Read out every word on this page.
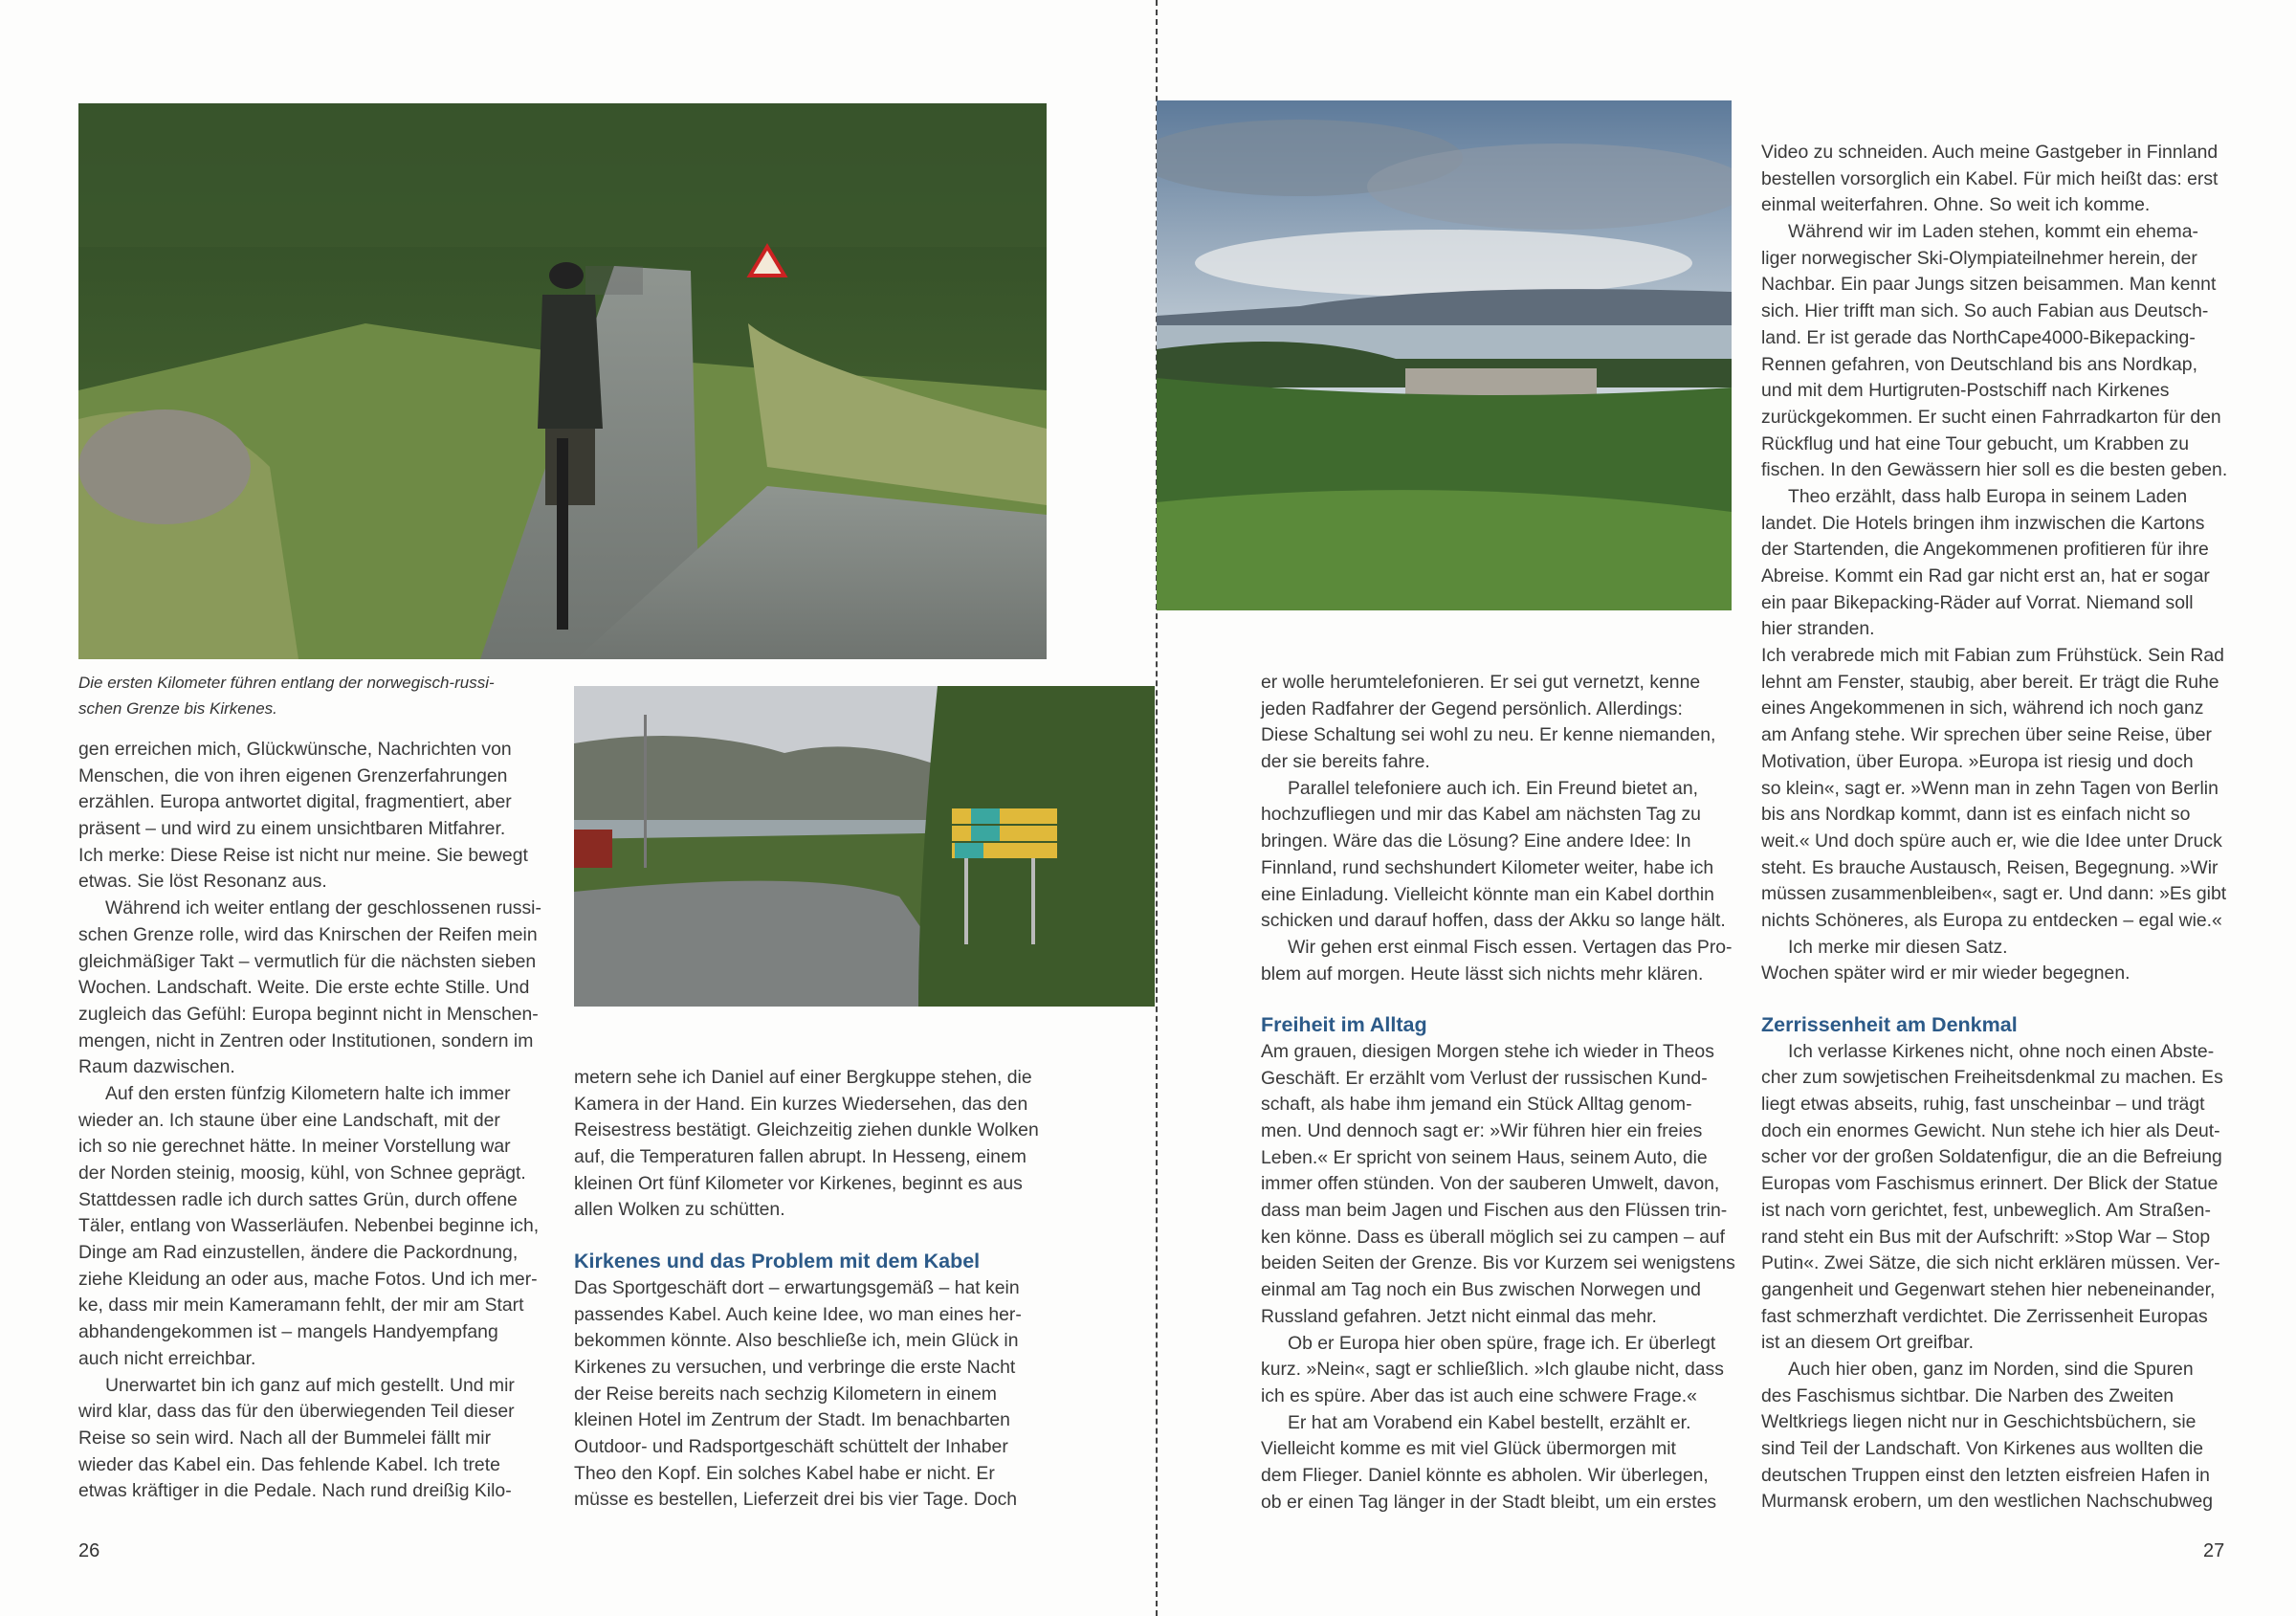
Die ersten Kilometer führen entlang der norwegisch-russi-
schen Grenze bis Kirkenes.
gen erreichen mich, Glückwünsche, Nachrichten von
Menschen, die von ihren eigenen Grenzerfahrungen
erzählen. Europa antwortet digital, fragmentiert, aber
präsent – und wird zu einem unsichtbaren Mitfahrer.
Ich merke: Diese Reise ist nicht nur meine. Sie bewegt
etwas. Sie löst Resonanz aus.
Während ich weiter entlang der geschlossenen russi-
schen Grenze rolle, wird das Knirschen der Reifen mein
gleichmäßiger Takt – vermutlich für die nächsten sieben
Wochen. Landschaft. Weite. Die erste echte Stille. Und
zugleich das Gefühl: Europa beginnt nicht in Menschen-
mengen, nicht in Zentren oder Institutionen, sondern im
Raum dazwischen.
Auf den ersten fünfzig Kilometern halte ich immer
wieder an. Ich staune über eine Landschaft, mit der
ich so nie gerechnet hätte. In meiner Vorstellung war
der Norden steinig, moosig, kühl, von Schnee geprägt.
Stattdessen radle ich durch sattes Grün, durch offene
Täler, entlang von Wasserläufen. Nebenbei beginne ich,
Dinge am Rad einzustellen, ändere die Packordnung,
ziehe Kleidung an oder aus, mache Fotos. Und ich mer-
ke, dass mir mein Kameramann fehlt, der mir am Start
abhandengekommen ist – mangels Handyempfang
auch nicht erreichbar.
Unerwartet bin ich ganz auf mich gestellt. Und mir
wird klar, dass das für den überwiegenden Teil dieser
Reise so sein wird. Nach all der Bummelei fällt mir
wieder das Kabel ein. Das fehlende Kabel. Ich trete
etwas kräftiger in die Pedale. Nach rund dreißig Kilo-
metern sehe ich Daniel auf einer Bergkuppe stehen, die
Kamera in der Hand. Ein kurzes Wiedersehen, das den
Reisestress bestätigt. Gleichzeitig ziehen dunkle Wolken
auf, die Temperaturen fallen abrupt. In Hesseng, einem
kleinen Ort fünf Kilometer vor Kirkenes, beginnt es aus
allen Wolken zu schütten.
Kirkenes und das Problem mit dem Kabel
Das Sportgeschäft dort – erwartungsgemäß – hat kein
passendes Kabel. Auch keine Idee, wo man eines her-
bekommen könnte. Also beschließe ich, mein Glück in
Kirkenes zu versuchen, und verbringe die erste Nacht
der Reise bereits nach sechzig Kilometern in einem
kleinen Hotel im Zentrum der Stadt. Im benachbarten
Outdoor- und Radsportgeschäft schüttelt der Inhaber
Theo den Kopf. Ein solches Kabel habe er nicht. Er
müsse es bestellen, Lieferzeit drei bis vier Tage. Doch
er wolle herumtelefonieren. Er sei gut vernetzt, kenne
jeden Radfahrer der Gegend persönlich. Allerdings:
Diese Schaltung sei wohl zu neu. Er kenne niemanden,
der sie bereits fahre.
Parallel telefoniere auch ich. Ein Freund bietet an,
hochzufliegen und mir das Kabel am nächsten Tag zu
bringen. Wäre das die Lösung? Eine andere Idee: In
Finnland, rund sechshundert Kilometer weiter, habe ich
eine Einladung. Vielleicht könnte man ein Kabel dorthin
schicken und darauf hoffen, dass der Akku so lange hält.
Wir gehen erst einmal Fisch essen. Vertagen das Pro-
blem auf morgen. Heute lässt sich nichts mehr klären.
Freiheit im Alltag
Am grauen, diesigen Morgen stehe ich wieder in Theos
Geschäft. Er erzählt vom Verlust der russischen Kund-
schaft, als habe ihm jemand ein Stück Alltag genom-
men. Und dennoch sagt er: »Wir führen hier ein freies
Leben.« Er spricht von seinem Haus, seinem Auto, die
immer offen stünden. Von der sauberen Umwelt, davon,
dass man beim Jagen und Fischen aus den Flüssen trin-
ken könne. Dass es überall möglich sei zu campen – auf
beiden Seiten der Grenze. Bis vor Kurzem sei wenigstens
einmal am Tag noch ein Bus zwischen Norwegen und
Russland gefahren. Jetzt nicht einmal das mehr.
Ob er Europa hier oben spüre, frage ich. Er überlegt
kurz. »Nein«, sagt er schließlich. »Ich glaube nicht, dass
ich es spüre. Aber das ist auch eine schwere Frage.«
Er hat am Vorabend ein Kabel bestellt, erzählt er.
Vielleicht komme es mit viel Glück übermorgen mit
dem Flieger. Daniel könnte es abholen. Wir überlegen,
ob er einen Tag länger in der Stadt bleibt, um ein erstes
Video zu schneiden. Auch meine Gastgeber in Finnland
bestellen vorsorglich ein Kabel. Für mich heißt das: erst
einmal weiterfahren. Ohne. So weit ich komme.
Während wir im Laden stehen, kommt ein ehema-
liger norwegischer Ski-Olympiateilnehmer herein, der
Nachbar. Ein paar Jungs sitzen beisammen. Man kennt
sich. Hier trifft man sich. So auch Fabian aus Deutsch-
land. Er ist gerade das NorthCape4000-Bikepacking-
Rennen gefahren, von Deutschland bis ans Nordkap,
und mit dem Hurtigruten-Postschiff nach Kirkenes
zurückgekommen. Er sucht einen Fahrradkarton für den
Rückflug und hat eine Tour gebucht, um Krabben zu
fischen. In den Gewässern hier soll es die besten geben.
Theo erzählt, dass halb Europa in seinem Laden
landet. Die Hotels bringen ihm inzwischen die Kartons
der Startenden, die Angekommenen profitieren für ihre
Abreise. Kommt ein Rad gar nicht erst an, hat er sogar
ein paar Bikepacking-Räder auf Vorrat. Niemand soll
hier stranden.
Ich verabrede mich mit Fabian zum Frühstück. Sein Rad
lehnt am Fenster, staubig, aber bereit. Er trägt die Ruhe
eines Angekommenen in sich, während ich noch ganz
am Anfang stehe. Wir sprechen über seine Reise, über
Motivation, über Europa. »Europa ist riesig und doch
so klein«, sagt er. »Wenn man in zehn Tagen von Berlin
bis ans Nordkap kommt, dann ist es einfach nicht so
weit.« Und doch spüre auch er, wie die Idee unter Druck
steht. Es brauche Austausch, Reisen, Begegnung. »Wir
müssen zusammenbleiben«, sagt er. Und dann: »Es gibt
nichts Schöneres, als Europa zu entdecken – egal wie.«
Ich merke mir diesen Satz.
Wochen später wird er mir wieder begegnen.
Zerrissenheit am Denkmal
Ich verlasse Kirkenes nicht, ohne noch einen Abste-
cher zum sowjetischen Freiheitsdenkmal zu machen. Es
liegt etwas abseits, ruhig, fast unscheinbar – und trägt
doch ein enormes Gewicht. Nun stehe ich hier als Deut-
scher vor der großen Soldatenfigur, die an die Befreiung
Europas vom Faschismus erinnert. Der Blick der Statue
ist nach vorn gerichtet, fest, unbeweglich. Am Straßen-
rand steht ein Bus mit der Aufschrift: »Stop War – Stop
Putin«. Zwei Sätze, die sich nicht erklären müssen. Ver-
gangenheit und Gegenwart stehen hier nebeneinander,
fast schmerzhaft verdichtet. Die Zerrissenheit Europas
ist an diesem Ort greifbar.
Auch hier oben, ganz im Norden, sind die Spuren
des Faschismus sichtbar. Die Narben des Zweiten
Weltkriegs liegen nicht nur in Geschichtsbüchern, sie
sind Teil der Landschaft. Von Kirkenes aus wollten die
deutschen Truppen einst den letzten eisfreien Hafen in
Murmansk erobern, um den westlichen Nachschubweg
26	27
